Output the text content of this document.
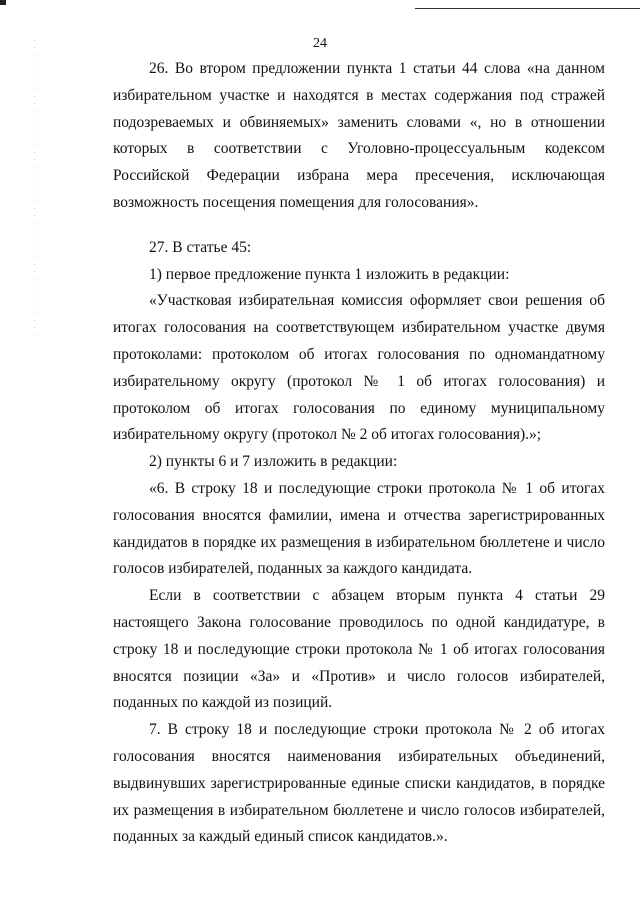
24

26. Во втором предложении пункта 1 статьи 44 слова «на данном избирательном участке и находятся в местах содержания под стражей подозреваемых и обвиняемых» заменить словами «, но в отношении которых в соответствии с Уголовно-процессуальным кодексом Российской Федерации избрана мера пресечения, исключающая возможность посещения помещения для голосования».

27. В статье 45:

1) первое предложение пункта 1 изложить в редакции:

«Участковая избирательная комиссия оформляет свои решения об итогах голосования на соответствующем избирательном участке двумя протоколами: протоколом об итогах голосования по одномандатному избирательному округу (протокол № 1 об итогах голосования) и протоколом об итогах голосования по единому муниципальному избирательному округу (протокол № 2 об итогах голосования).»;

2) пункты 6 и 7 изложить в редакции:

«6. В строку 18 и последующие строки протокола № 1 об итогах голосования вносятся фамилии, имена и отчества зарегистрированных кандидатов в порядке их размещения в избирательном бюллетене и число голосов избирателей, поданных за каждого кандидата.

Если в соответствии с абзацем вторым пункта 4 статьи 29 настоящего Закона голосование проводилось по одной кандидатуре, в строку 18 и последующие строки протокола № 1 об итогах голосования вносятся позиции «За» и «Против» и число голосов избирателей, поданных по каждой из позиций.

7. В строку 18 и последующие строки протокола № 2 об итогах голосования вносятся наименования избирательных объединений, выдвинувших зарегистрированные единые списки кандидатов, в порядке их размещения в избирательном бюллетене и число голосов избирателей, поданных за каждый единый список кандидатов.».
